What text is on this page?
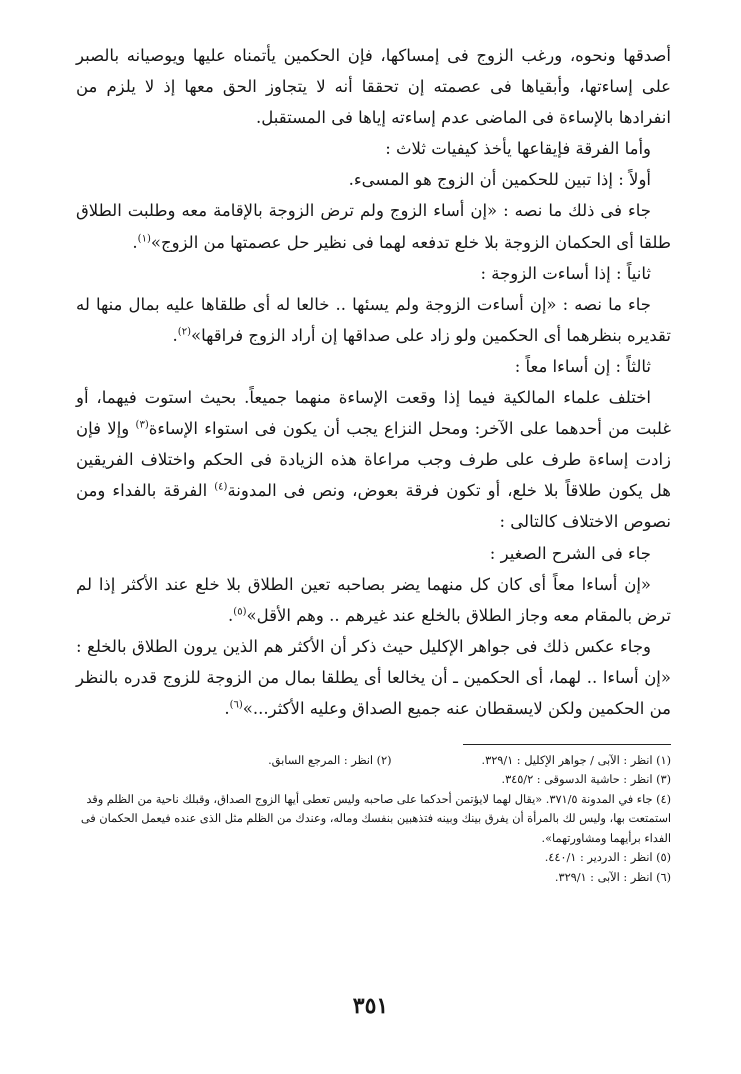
أصدقها ونحوه، ورغب الزوج فى إمساكها، فإن الحكمين يأتمناه عليها ويوصيانه بالصبر على إساءتها، وأبقياها فى عصمته إن تحققا أنه لا يتجاوز الحق معها إذ لا يلزم من انفرادها بالإساءة فى الماضى عدم إساءته إياها فى المستقبل.

وأما الفرقة فإيقاعها يأخذ كيفيات ثلاث :

أولاً : إذا تبين للحكمين أن الزوج هو المسىء.

جاء فى ذلك ما نصه : «إن أساء الزوج ولم ترض الزوجة بالإقامة معه وطلبت الطلاق طلقا أى الحكمان الزوجة بلا خلع تدفعه لهما فى نظير حل عصمتها من الزوج»$^{(١)}$.

ثانياً : إذا أساءت الزوجة :

جاء ما نصه : «إن أساءت الزوجة ولم يسئها .. خالعا له أى طلقاها عليه بمال منها له تقديره بنظرهما أى الحكمين ولو زاد على صداقها إن أراد الزوج فراقها»$^{(٢)}$.

ثالثاً : إن أساءا معاً :

اختلف علماء المالكية فيما إذا وقعت الإساءة منهما جميعاً. بحيث استوت فيهما، أو غلبت من أحدهما على الآخر: ومحل النزاع يجب أن يكون فى استواء الإساءة$^{(٣)}$ وإلا فإن زادت إساءة طرف على طرف وجب مراعاة هذه الزيادة فى الحكم واختلاف الفريقين هل يكون طلاقاً بلا خلع، أو تكون فرقة بعوض، ونص فى المدونة$^{(٤)}$ الفرقة بالفداء ومن نصوص الاختلاف كالتالى :

جاء فى الشرح الصغير :

«إن أساءا معاً أى كان كل منهما يضر بصاحبه تعين الطلاق بلا خلع عند الأكثر إذا لم ترض بالمقام معه وجاز الطلاق بالخلع عند غيرهم .. وهم الأقل»$^{(٥)}$.

وجاء عكس ذلك فى جواهر الإكليل حيث ذكر أن الأكثر هم الذين يرون الطلاق بالخلع : «إن أساءا .. لهما، أى الحكمين ـ أن يخالعا أى يطلقا بمال من الزوجة للزوج قدره بالنظر من الحكمين ولكن لايسقطان عنه جميع الصداق وعليه الأكثر...»$^{(٦)}$.

(١) انظر : الآبى / جواهر الإكليل : ٣٢٩/١.

(٢) انظر : المرجع السابق.

(٣) انظر : حاشية الدسوقى : ٣٤٥/٢.

(٤) جاء في المدونة ٣٧١/٥. «يقال لهما لايؤتمن أحدكما على صاحبه وليس تعطى أيها الزوج الصداق، وقبلك ناحية من الظلم وقد استمتعت بها، وليس لك بالمرأة أن يفرق بينك وبينه فتذهبين بنفسك وماله، وعندك من الظلم مثل الذى عنده فيعمل الحكمان فى الفداء برأيهما ومشاورتهما».

(٥) انظر : الدردير : ٤٤٠/١.

(٦) انظر : الآبى : ٣٢٩/١.

٣٥١
